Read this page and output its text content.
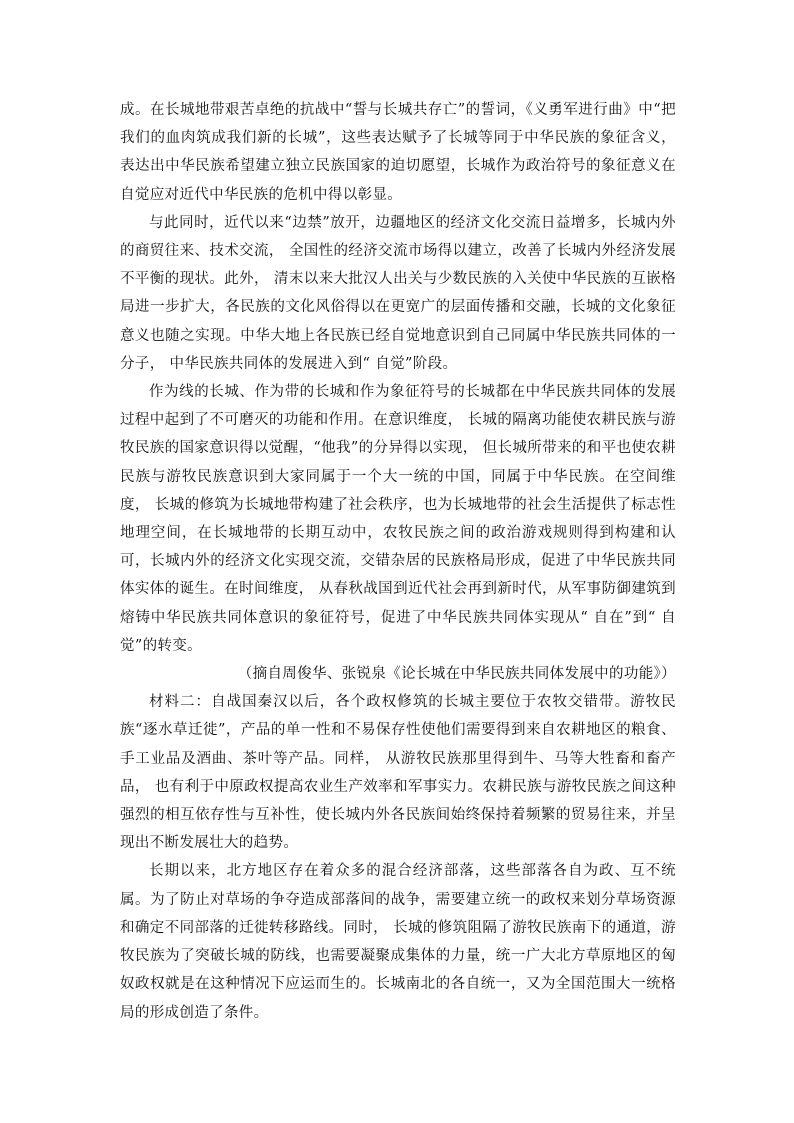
成。在长城地带艰苦卓绝的抗战中“誓与长城共存亡”的誓词，《义勇军进行曲》中“把我们的血肉筑成我们新的长城”，这些表达赋予了长城等同于中华民族的象征含义，表达出中华民族希望建立独立民族国家的迫切愿望，长城作为政治符号的象征意义在自觉应对近代中华民族的危机中得以彰显。

与此同时，近代以来“边禁”放开，边疆地区的经济文化交流日益增多，长城内外的商贸往来、技术交流， 全国性的经济交流市场得以建立，改善了长城内外经济发展不平衡的现状。此外， 清末以来大批汉人出关与少数民族的入关使中华民族的互嵌格局进一步扩大，各民族的文化风俗得以在更宽广的层面传播和交融，长城的文化象征意义也随之实现。中华大地上各民族已经自觉地意识到自己同属中华民族共同体的一分子， 中华民族共同体的发展进入到“ 自觉”阶段。

作为线的长城、作为带的长城和作为象征符号的长城都在中华民族共同体的发展过程中起到了不可磨灭的功能和作用。在意识维度， 长城的隔离功能使农耕民族与游牧民族的国家意识得以觉醒，“他我”的分异得以实现， 但长城所带来的和平也使农耕民族与游牧民族意识到大家同属于一个大一统的中国，同属于中华民族。在空间维度， 长城的修筑为长城地带构建了社会秩序，也为长城地带的社会生活提供了标志性地理空间，在长城地带的长期互动中，农牧民族之间的政治游戏规则得到构建和认可，长城内外的经济文化实现交流，交错杂居的民族格局形成，促进了中华民族共同体实体的诞生。在时间维度， 从春秋战国到近代社会再到新时代，从军事防御建筑到熔铸中华民族共同体意识的象征符号，促进了中华民族共同体实现从“ 自在”到“ 自觉”的转变。

（摘自周俊华、张锐泉《论长城在中华民族共同体发展中的功能》）

材料二：自战国秦汉以后，各个政权修筑的长城主要位于农牧交错带。游牧民族“逐水草迁徙”，产品的单一性和不易保存性使他们需要得到来自农耕地区的粮食、手工业品及酒曲、茶叶等产品。同样， 从游牧民族那里得到牛、马等大牲畜和畜产品， 也有利于中原政权提高农业生产效率和军事实力。农耕民族与游牧民族之间这种强烈的相互依存性与互补性，使长城内外各民族间始终保持着频繁的贸易往来，并呈现出不断发展壮大的趋势。

长期以来，北方地区存在着众多的混合经济部落，这些部落各自为政、互不统属。为了防止对草场的争夺造成部落间的战争，需要建立统一的政权来划分草场资源和确定不同部落的迁徙转移路线。同时， 长城的修筑阻隔了游牧民族南下的通道，游牧民族为了突破长城的防线，也需要凝聚成集体的力量，统一广大北方草原地区的匈奴政权就是在这种情况下应运而生的。长城南北的各自统一，又为全国范围大一统格局的形成创造了条件。
